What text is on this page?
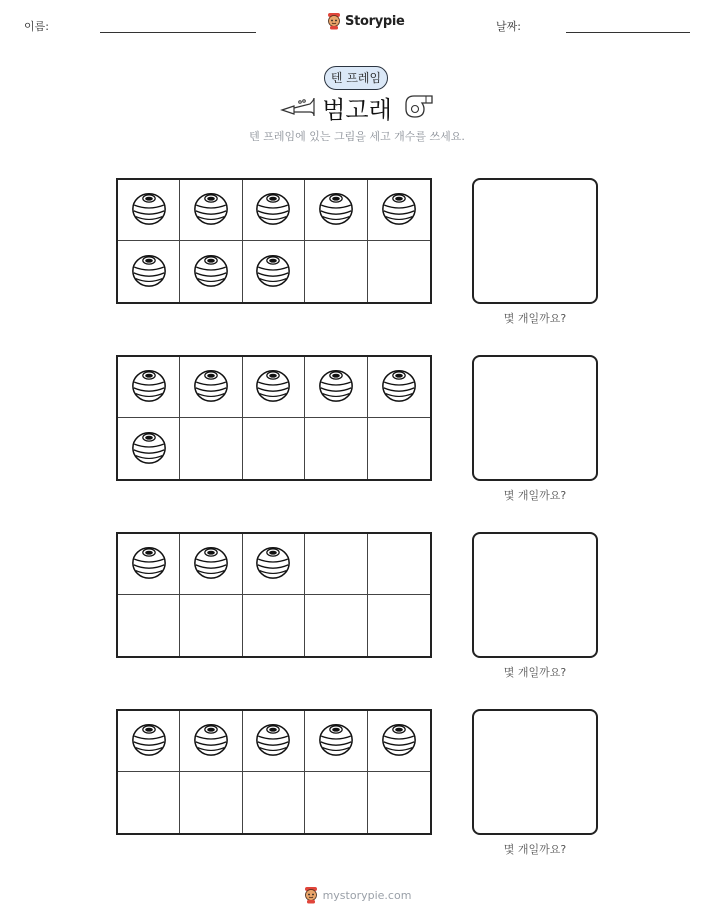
이름:	Storypie	날짜:
텐 프레임
범고래
텐 프레임에 있는 그림을 세고 개수를 쓰세요.
몇 개일까요?
몇 개일까요?
몇 개일까요?
몇 개일까요?
mystorypie.com
